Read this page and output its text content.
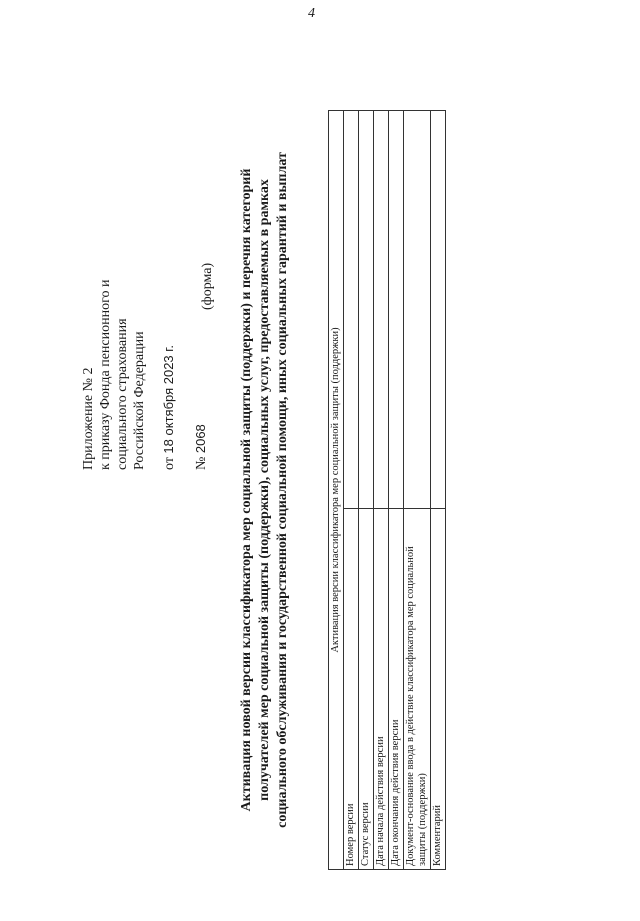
4
Приложение № 2 к приказу Фонда пенсионного и социального страхования Российской Федерации от 18 октября 2023 г.
№ 2068
(форма) Активация новой версии классификатора мер социальной защиты (поддержки) и перечня категорий получателей мер социальной защиты (поддержки), социальных услуг, предоставляемых в рамках социального обслуживания и государственной социальной помощи, иных социальных гарантий и выплат	Активация версии классификатора мер социальной защиты (поддержки)	
Номер версии	
Статус версии	
Дата начала действия версии	
Дата окончания действия версии	
Документ-основание ввода в действие классификатора мер социальной защиты (поддержки)	
Комментарий	
